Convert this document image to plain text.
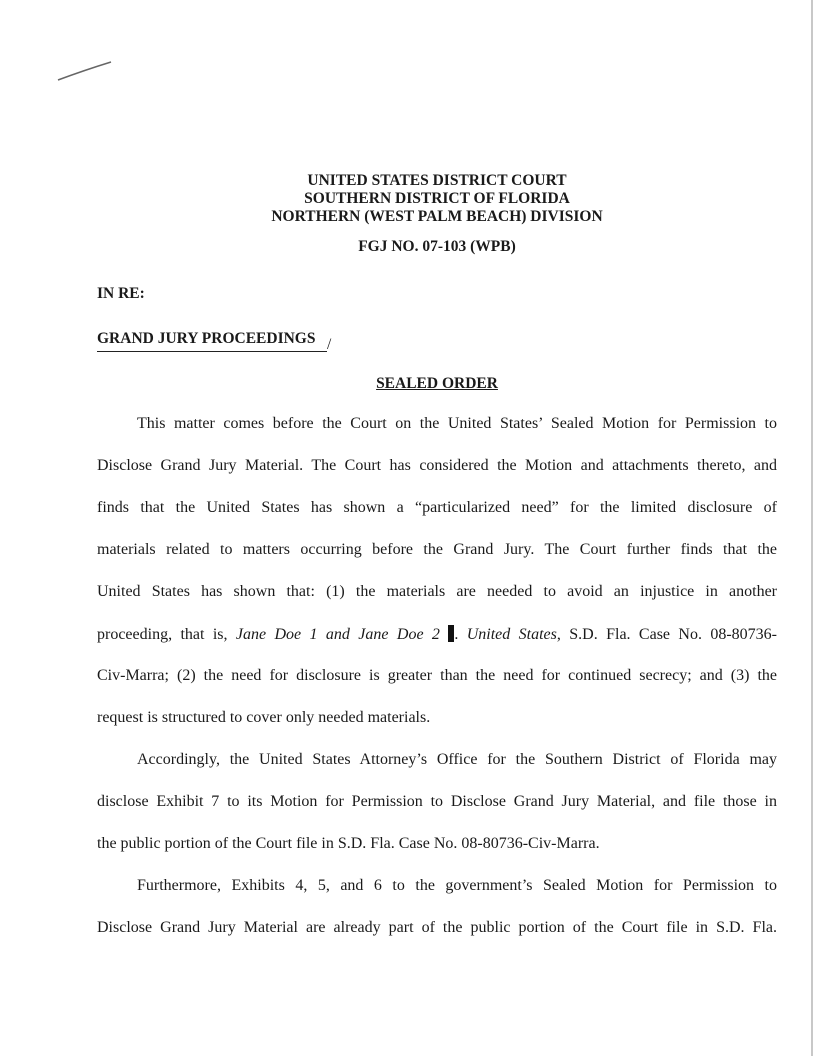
UNITED STATES DISTRICT COURT
SOUTHERN DISTRICT OF FLORIDA
NORTHERN (WEST PALM BEACH) DIVISION
FGJ NO. 07-103 (WPB)
IN RE:
GRAND JURY PROCEEDINGS /
SEALED ORDER
This matter comes before the Court on the United States’ Sealed Motion for Permission to
Disclose Grand Jury Material. The Court has considered the Motion and attachments thereto, and
finds that the United States has shown a “particularized need” for the limited disclosure of
materials related to matters occurring before the Grand Jury. The Court further finds that the
United States has shown that: (1) the materials are needed to avoid an injustice in another
proceeding, that is, Jane Doe 1 and Jane Doe 2 . United States, S.D. Fla. Case No. 08-80736-
Civ-Marra; (2) the need for disclosure is greater than the need for continued secrecy; and (3) the
request is structured to cover only needed materials.
Accordingly, the United States Attorney’s Office for the Southern District of Florida may
disclose Exhibit 7 to its Motion for Permission to Disclose Grand Jury Material, and file those in
the public portion of the Court file in S.D. Fla. Case No. 08-80736-Civ-Marra.
Furthermore, Exhibits 4, 5, and 6 to the government’s Sealed Motion for Permission to
Disclose Grand Jury Material are already part of the public portion of the Court file in S.D. Fla.
